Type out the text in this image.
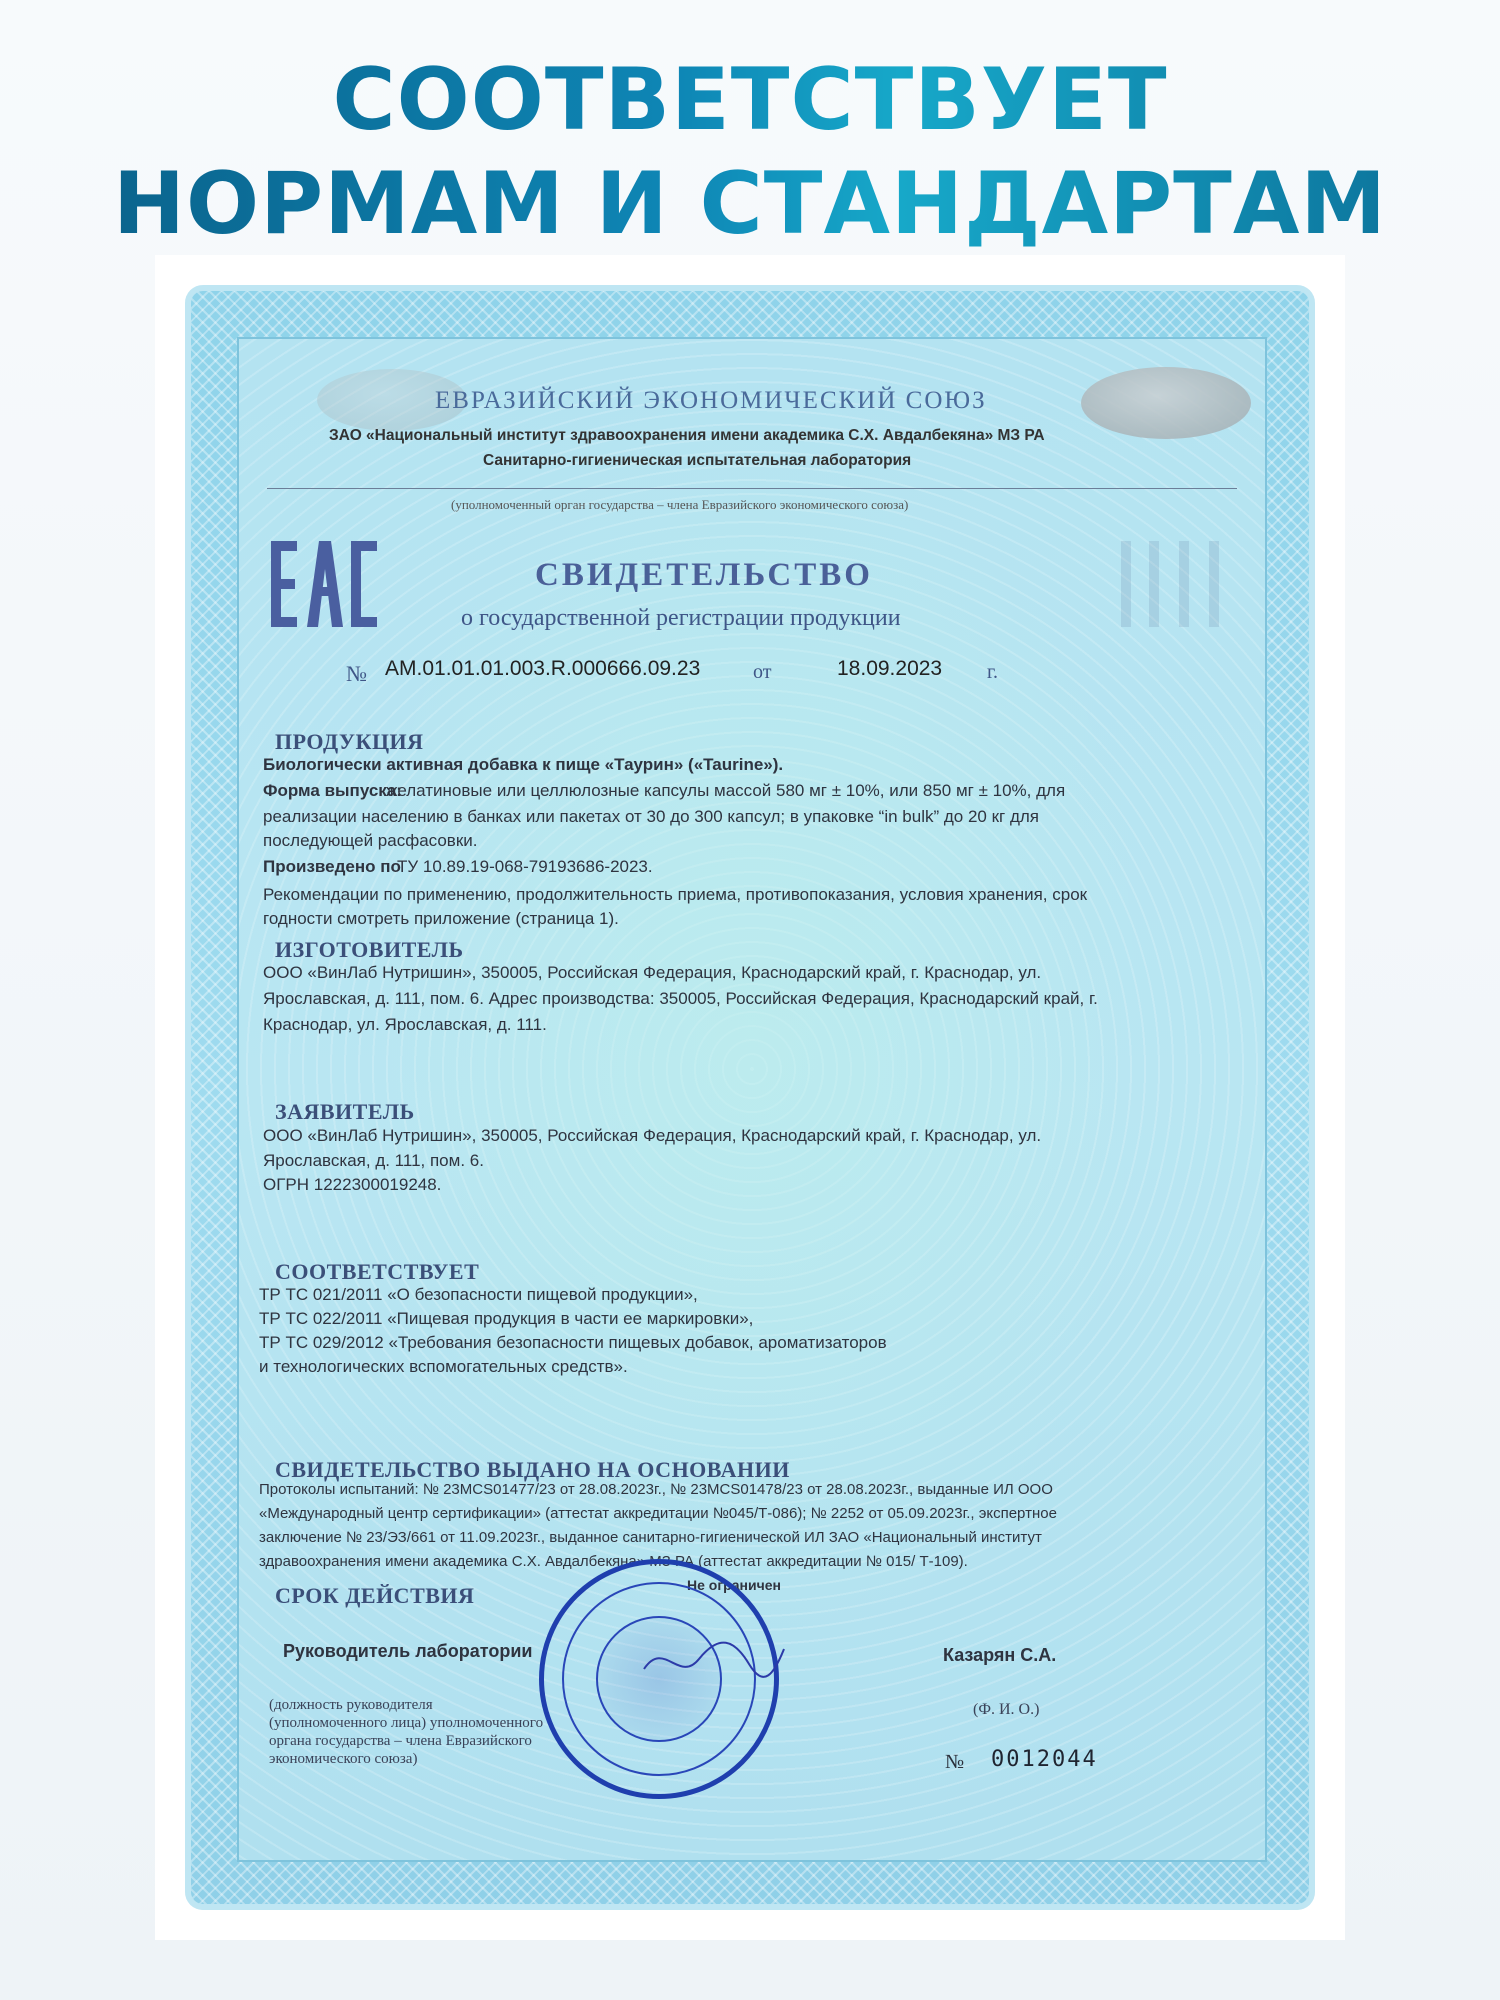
СООТВЕТСТВУЕТ
НОРМАМ И СТАНДАРТАМ
ЕВРАЗИЙСКИЙ ЭКОНОМИЧЕСКИЙ СОЮЗ
ЗАО «Национальный институт здравоохранения имени академика С.Х. Авдалбекяна» МЗ РА
Санитарно-гигиеническая испытательная лаборатория
(уполномоченный орган государства – члена Евразийского экономического союза)
СВИДЕТЕЛЬСТВО
о государственной регистрации продукции
№ AM.01.01.01.003.R.000666.09.23	от	18.09.2023 г.
ПРОДУКЦИЯ
Биологически активная добавка к пище «Таурин» («Taurine»).
Форма выпуска:
желатиновые или целлюлозные капсулы массой 580 мг ± 10%, или 850 мг ± 10%, для
реализации населению в банках или пакетах от 30 до 300 капсул; в упаковке “in bulk” до 20 кг для
последующей расфасовки.
Произведено по
ТУ 10.89.19-068-79193686-2023.
Рекомендации по применению, продолжительность приема, противопоказания, условия хранения, срок
годности смотреть приложение (страница 1).
ИЗГОТОВИТЕЛЬ
ООО «ВинЛаб Нутришин», 350005, Российская Федерация, Краснодарский край, г. Краснодар, ул.
Ярославская, д. 111, пом. 6. Адрес производства: 350005, Российская Федерация, Краснодарский край, г.
Краснодар, ул. Ярославская, д. 111.
ЗАЯВИТЕЛЬ
ООО «ВинЛаб Нутришин», 350005, Российская Федерация, Краснодарский край, г. Краснодар, ул.
Ярославская, д. 111, пом. 6.
ОГРН 1222300019248.
СООТВЕТСТВУЕТ
ТР ТС 021/2011 «О безопасности пищевой продукции»,
ТР ТС 022/2011 «Пищевая продукция в части ее маркировки»,
ТР ТС 029/2012 «Требования безопасности пищевых добавок, ароматизаторов
и технологических вспомогательных средств».
СВИДЕТЕЛЬСТВО ВЫДАНО НА ОСНОВАНИИ
Протоколы испытаний: № 23MCS01477/23 от 28.08.2023г., № 23MCS01478/23 от 28.08.2023г., выданные ИЛ ООО
«Международный центр сертификации» (аттестат аккредитации №045/Т-086); № 2252 от 05.09.2023г., экспертное
заключение № 23/ЭЗ/661 от 11.09.2023г., выданное санитарно-гигиенической ИЛ ЗАО «Национальный институт
здравоохранения имени академика С.Х. Авдалбекяна» МЗ РА (аттестат аккредитации № 015/ Т-109).
СРОК ДЕЙСТВИЯ	Не ограничен
Руководитель лаборатории	Казарян С.А.
(должность руководителя
(уполномоченного лица) уполномоченного
органа государства – члена Евразийского
экономического союза)
(Ф. И. О.)
№ 0012044
